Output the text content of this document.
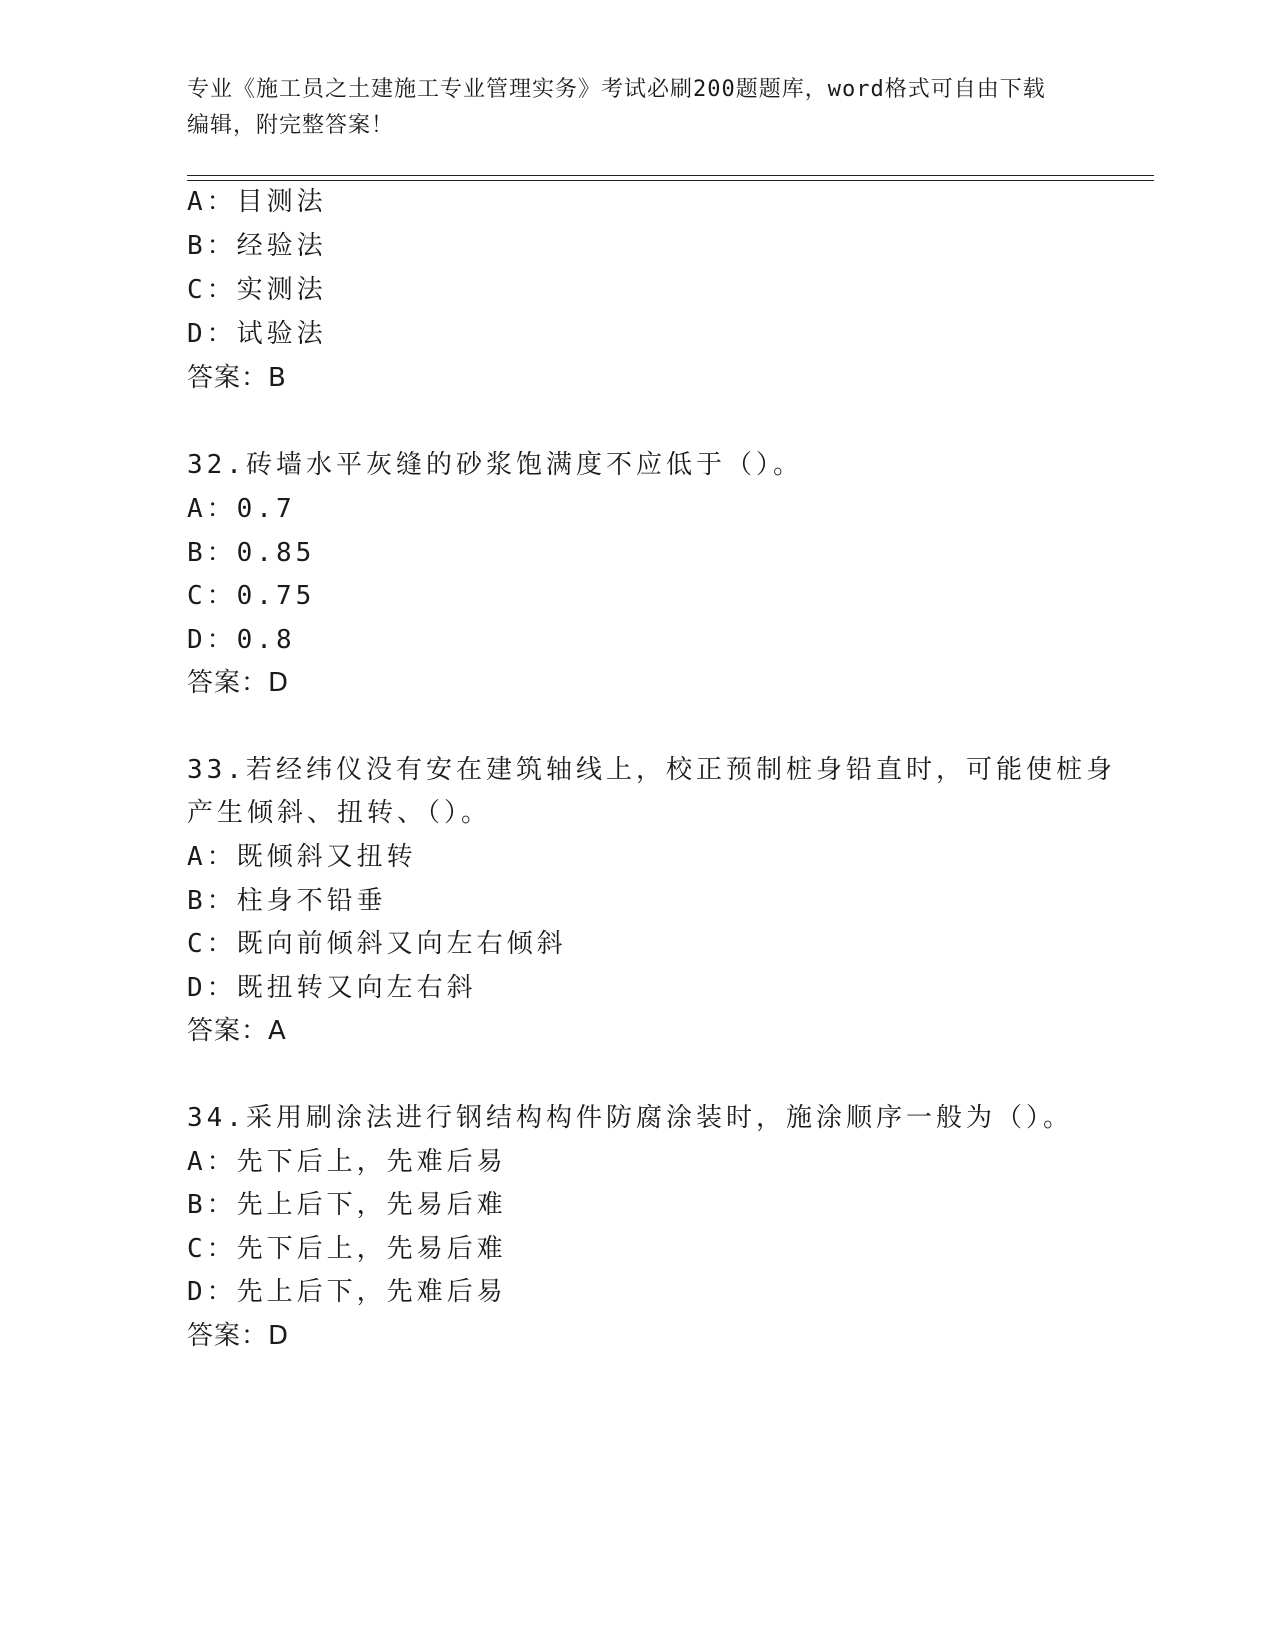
专业《施工员之土建施工专业管理实务》考试必刷200题题库，word格式可自由下载编辑，附完整答案！
A：目测法
B：经验法
C：实测法
D：试验法
答案：B
32.砖墙水平灰缝的砂浆饱满度不应低于（）。
A：0.7
B：0.85
C：0.75
D：0.8
答案：D
33.若经纬仪没有安在建筑轴线上，校正预制桩身铅直时，可能使桩身
产生倾斜、扭转、（）。
A：既倾斜又扭转
B：柱身不铅垂
C：既向前倾斜又向左右倾斜
D：既扭转又向左右斜
答案：A
34.采用刷涂法进行钢结构构件防腐涂装时，施涂顺序一般为（）。
A：先下后上，先难后易
B：先上后下，先易后难
C：先下后上，先易后难
D：先上后下，先难后易
答案：D
